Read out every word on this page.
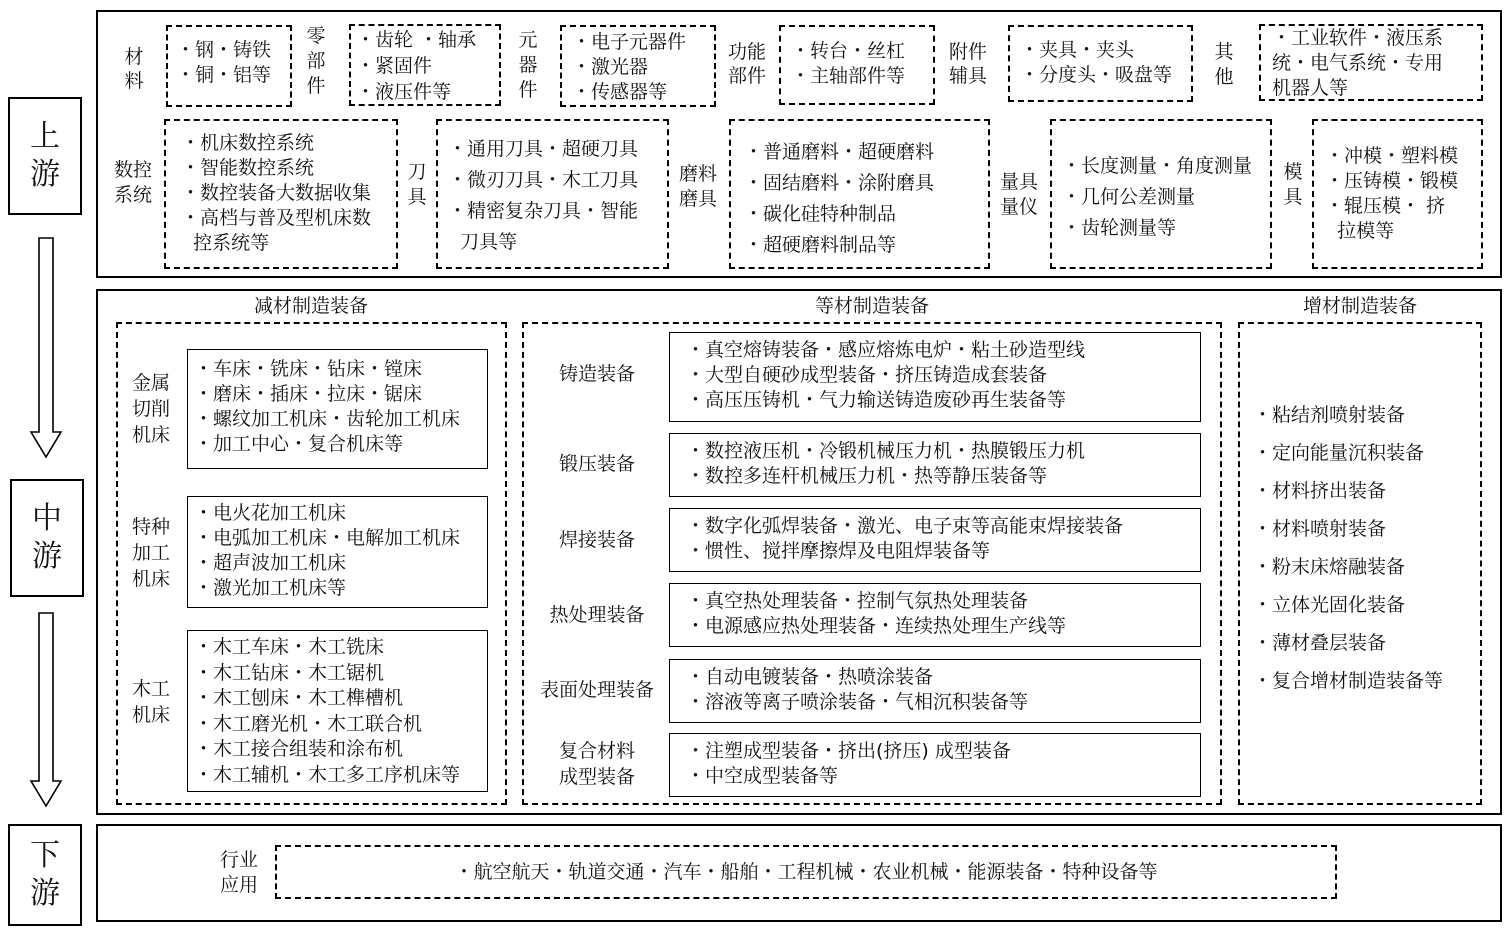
上游
中游
下游
材料
・钢・铸铁
・铜・铝等
零部件
・齿轮 ・轴承
・紧固件
・液压件等
元器件
・电子元器件
・激光器
・传感器等
功能部件
・转台・丝杠
・主轴部件等
附件辅具
・夹具・夹头
・分度头・吸盘等
其他
・工业软件・液压系
统・电气系统・专用
机器人等
数控系统
・机床数控系统
・智能数控系统
・数控装备大数据收集
・高档与普及型机床数
控系统等
刀具
・通用刀具・超硬刀具
・微刃刀具・木工刀具
・精密复杂刀具・智能
刀具等
磨料磨具
・普通磨料・超硬磨料
・固结磨料・涂附磨具
・碳化硅特种制品
・超硬磨料制品等
量具量仪
・长度测量・角度测量
・几何公差测量
・齿轮测量等
模具
・冲模・塑料模
・压铸模・锻模
・辊压模・ 挤
拉模等
减材制造装备
金属切削机床
・车床・铣床・钻床・镗床
・磨床・插床・拉床・锯床
・螺纹加工机床・齿轮加工机床
・加工中心・复合机床等
特种加工机床
・电火花加工机床
・电弧加工机床・电解加工机床
・超声波加工机床
・激光加工机床等
木工机床
・木工车床・木工铣床
・木工钻床・木工锯机
・木工刨床・木工榫槽机
・木工磨光机・木工联合机
・木工接合组装和涂布机
・木工辅机・木工多工序机床等
等材制造装备
铸造装备
・真空熔铸装备・感应熔炼电炉・粘土砂造型线
・大型自硬砂成型装备・挤压铸造成套装备
・高压压铸机・气力输送铸造废砂再生装备等
锻压装备
・数控液压机・冷锻机械压力机・热膜锻压力机
・数控多连杆机械压力机・热等静压装备等
焊接装备
・数字化弧焊装备・激光、电子束等高能束焊接装备
・惯性、搅拌摩擦焊及电阻焊装备等
热处理装备
・真空热处理装备・控制气氛热处理装备
・电源感应热处理装备・连续热处理生产线等
表面处理装备
・自动电镀装备・热喷涂装备
・溶液等离子喷涂装备・气相沉积装备等
复合材料成型装备
・注塑成型装备・挤出(挤压) 成型装备
・中空成型装备等
增材制造装备
・粘结剂喷射装备
・定向能量沉积装备
・材料挤出装备
・材料喷射装备
・粉末床熔融装备
・立体光固化装备
・薄材叠层装备
・复合增材制造装备等
行业应用
・航空航天・轨道交通・汽车・船舶・工程机械・农业机械・能源装备・特种设备等
